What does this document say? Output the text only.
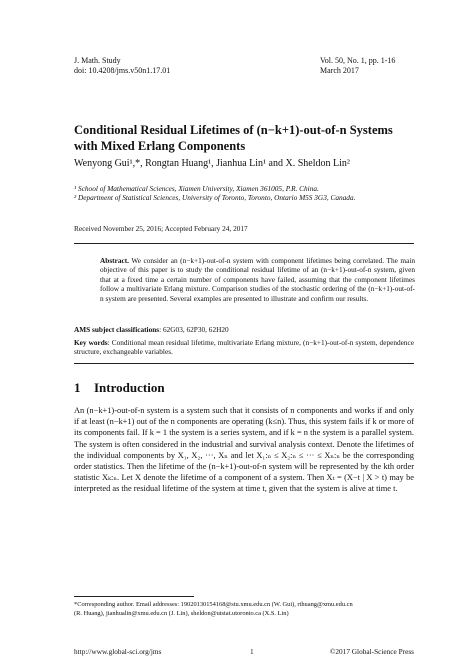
J. Math. Study
doi: 10.4208/jms.v50n1.17.01
Vol. 50, No. 1, pp. 1-16
March 2017
Conditional Residual Lifetimes of (n−k+1)-out-of-n Systems with Mixed Erlang Components
Wenyong Gui¹,*, Rongtan Huang¹, Jianhua Lin¹ and X. Sheldon Lin²

¹ School of Mathematical Sciences, Xiamen University, Xiamen 361005, P.R. China.

² Department of Statistical Sciences, University of Toronto, Toronto, Ontario M5S 3G3, Canada.

Received November 25, 2016; Accepted February 24, 2017
Abstract. We consider an (n−k+1)-out-of-n system with component lifetimes being correlated. The main objective of this paper is to study the conditional residual lifetime of an (n−k+1)-out-of-n system, given that at a fixed time a certain number of components have failed, assuming that the component lifetimes follow a multivariate Erlang mixture. Comparison studies of the stochastic ordering of the (n−k+1)-out-of-n system are presented. Several examples are presented to illustrate and confirm our results.
AMS subject classifications: 62G03, 62P30, 62H20
Key words: Conditional mean residual lifetime, multivariate Erlang mixture, (n−k+1)-out-of-n system, dependence structure, exchangeable variables.
1 Introduction
An (n−k+1)-out-of-n system is a system such that it consists of n components and works if and only if at least (n−k+1) out of the n components are operating (k≤n). Thus, this system fails if k or more of its components fail. If k = 1 the system is a series system, and if k = n the system is a parallel system. The system is often considered in the industrial and survival analysis context. Denote the lifetimes of the individual components by X₁, X₂, ···, Xₙ and let X₁:ₙ ≤ X₂:ₙ ≤ ··· ≤ Xₙ:ₙ be the corresponding order statistics. Then the lifetime of the (n−k+1)-out-of-n system will be represented by the kth order statistic Xₖ:ₙ. Let X denote the lifetime of a component of a system. Then Xₜ = (X−t | X > t) may be interpreted as the residual lifetime of the system at time t, given that the system is alive at time t.
*Corresponding author. Email addresses: 19020130154168@stu.xmu.edu.cn (W. Gui), rthuang@xmu.edu.cn
(R. Huang), jianhualin@xmu.edu.cn (J. Lin), sheldon@utstat.utoronto.ca (X.S. Lin)
http://www.global-sci.org/jms	1	©2017 Global-Science Press
